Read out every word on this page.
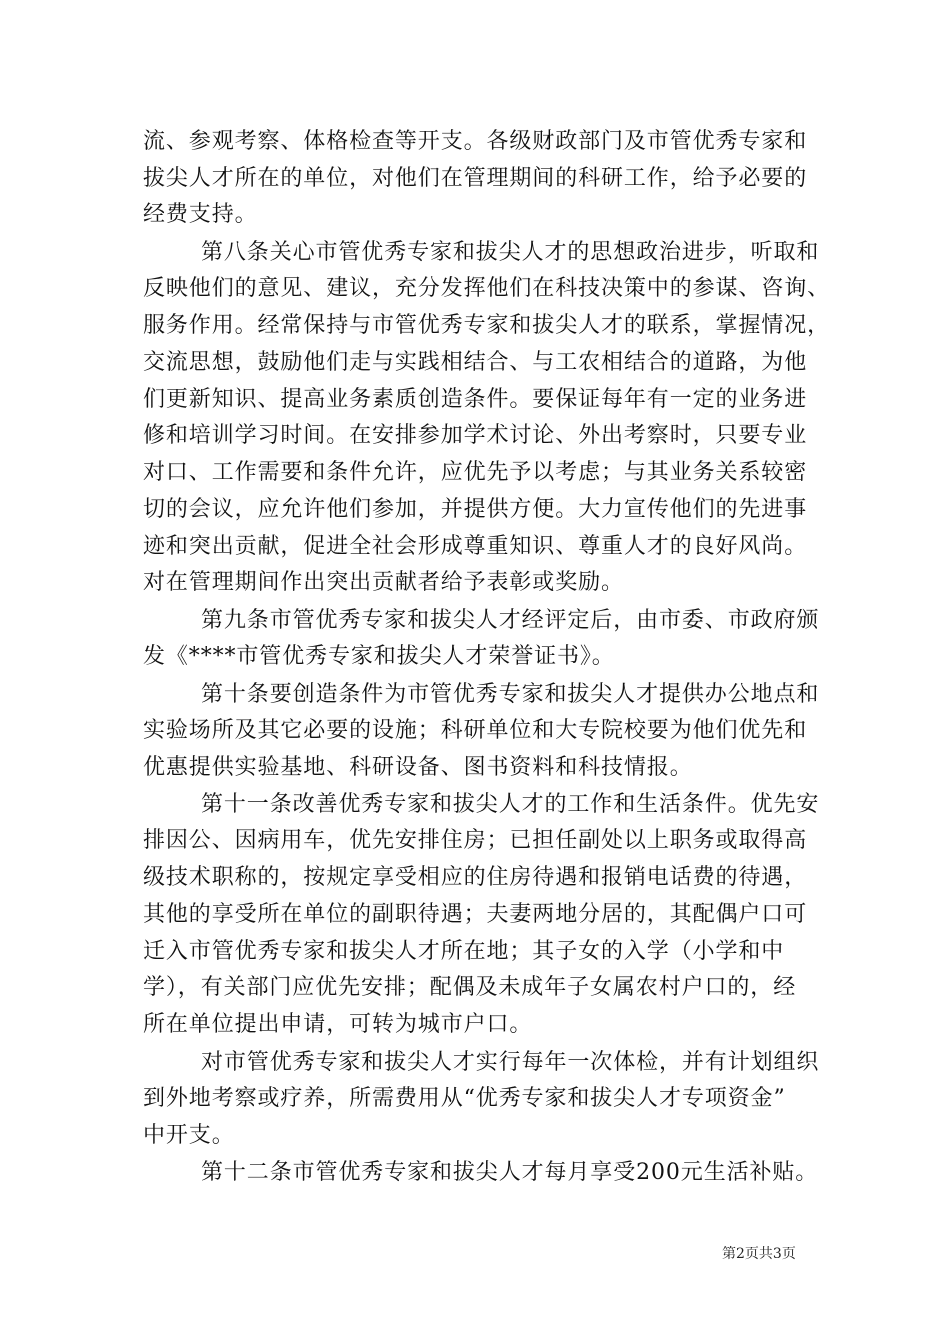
流、参观考察、体格检查等开支。各级财政部门及市管优秀专家和
拔尖人才所在的单位，对他们在管理期间的科研工作，给予必要的
经费支持。
第八条关心市管优秀专家和拔尖人才的思想政治进步，听取和
反映他们的意见、建议，充分发挥他们在科技决策中的参谋、咨询、
服务作用。经常保持与市管优秀专家和拔尖人才的联系，掌握情况，
交流思想，鼓励他们走与实践相结合、与工农相结合的道路，为他
们更新知识、提高业务素质创造条件。要保证每年有一定的业务进
修和培训学习时间。在安排参加学术讨论、外出考察时，只要专业
对口、工作需要和条件允许，应优先予以考虑；与其业务关系较密
切的会议，应允许他们参加，并提供方便。大力宣传他们的先进事
迹和突出贡献，促进全社会形成尊重知识、尊重人才的良好风尚。
对在管理期间作出突出贡献者给予表彰或奖励。
第九条市管优秀专家和拔尖人才经评定后，由市委、市政府颁
发《****市管优秀专家和拔尖人才荣誉证书》。
第十条要创造条件为市管优秀专家和拔尖人才提供办公地点和
实验场所及其它必要的设施；科研单位和大专院校要为他们优先和
优惠提供实验基地、科研设备、图书资料和科技情报。
第十一条改善优秀专家和拔尖人才的工作和生活条件。优先安
排因公、因病用车，优先安排住房；已担任副处以上职务或取得高
级技术职称的，按规定享受相应的住房待遇和报销电话费的待遇，
其他的享受所在单位的副职待遇；夫妻两地分居的，其配偶户口可
迁入市管优秀专家和拔尖人才所在地；其子女的入学（小学和中
学），有关部门应优先安排；配偶及未成年子女属农村户口的，经
所在单位提出申请，可转为城市户口。
对市管优秀专家和拔尖人才实行每年一次体检，并有计划组织
到外地考察或疗养，所需费用从“优秀专家和拔尖人才专项资金”
中开支。
第十二条市管优秀专家和拔尖人才每月享受200元生活补贴。
第2页共3页
